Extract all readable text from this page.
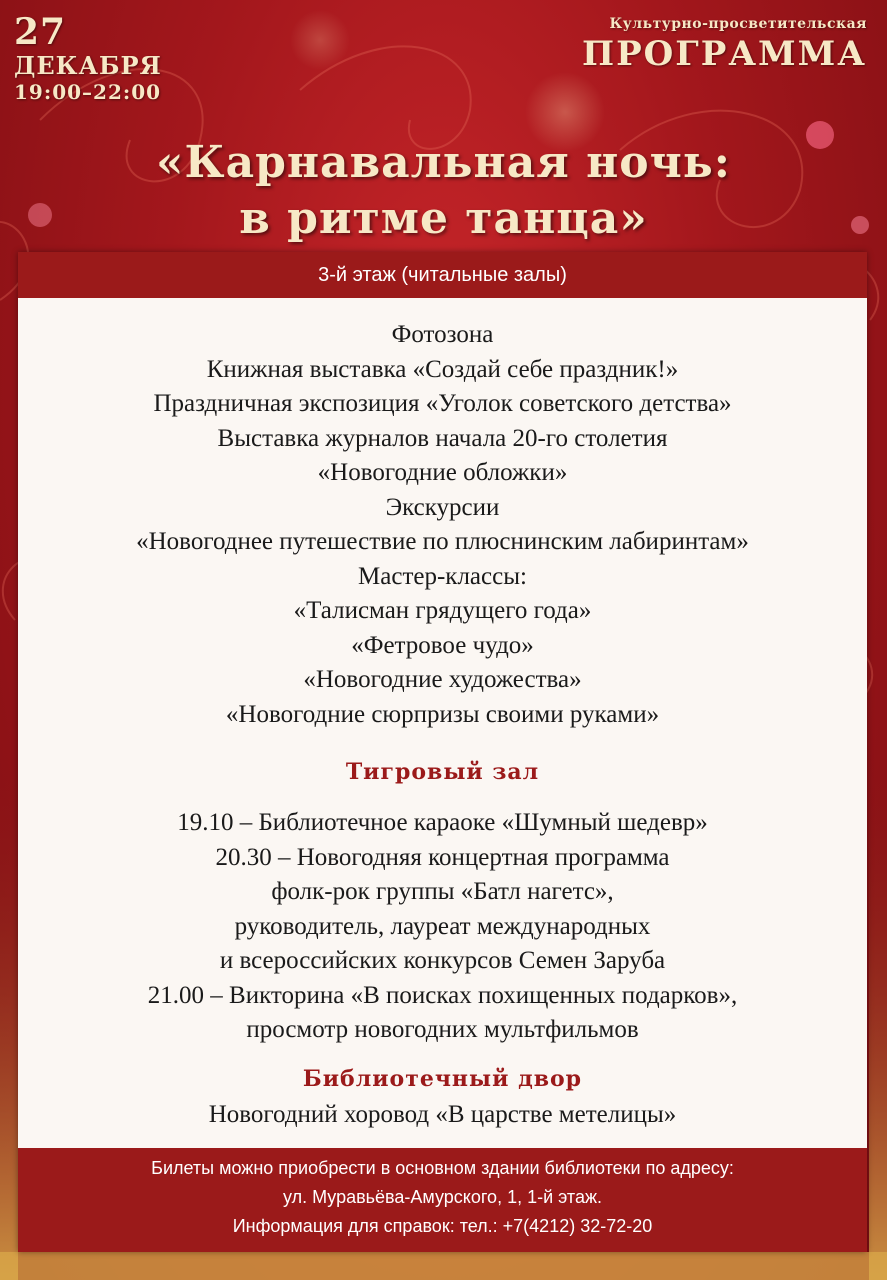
27
ДЕКАБРЯ
19:00–22:00
Культурно-просветительская
ПРОГРАММА
«Карнавальная ночь:
в ритме танца»
3-й этаж (читальные залы)
Фотозона
Книжная выставка «Создай себе праздник!»
Праздничная экспозиция «Уголок советского детства»
Выставка журналов начала 20-го столетия
«Новогодние обложки»
Экскурсии
«Новогоднее путешествие по плюснинским лабиринтам»
Мастер-классы:
«Талисман грядущего года»
«Фетровое чудо»
«Новогодние художества»
«Новогодние сюрпризы своими руками»
Тигровый зал
19.10 – Библиотечное караоке «Шумный шедевр»
20.30 – Новогодняя концертная программа
фолк-рок группы «Батл нагетс»,
руководитель, лауреат международных
и всероссийских конкурсов Семен Заруба
21.00 – Викторина «В поисках похищенных подарков»,
просмотр новогодних мультфильмов
Библиотечный двор
Новогодний хоровод «В царстве метелицы»
Билеты можно приобрести в основном здании библиотеки по адресу:
ул. Муравьёва-Амурского, 1, 1-й этаж.
Информация для справок: тел.: +7(4212) 32-72-20
